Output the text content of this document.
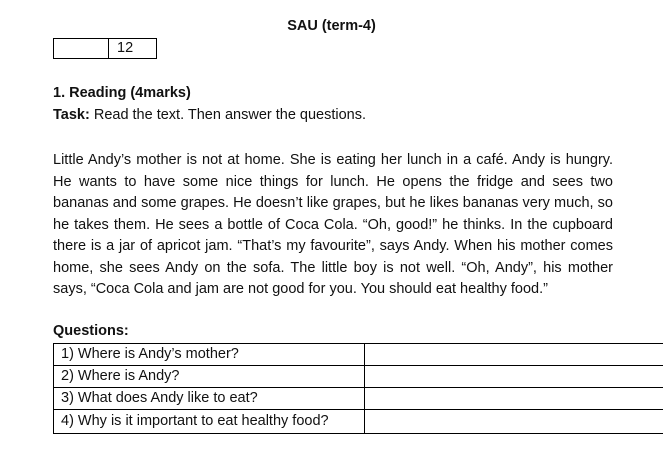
SAU (term-4)
12
1. Reading (4marks)
Task: Read the text. Then answer the questions.

Little Andy’s mother is not at home. She is eating her lunch in a café. Andy is hungry. He wants to have some nice things for lunch. He opens the fridge and sees two bananas and some grapes. He doesn’t like grapes, but he likes bananas very much, so he takes them. He sees a bottle of Coca Cola. “Oh, good!” he thinks. In the cupboard there is a jar of apricot jam. “That’s my favourite”, says Andy. When his mother comes home, she sees Andy on the sofa. The little boy is not well. “Oh, Andy”, his mother says, “Coca Cola and jam are not good for you. You should eat healthy food.”

Questions:
1) Where is Andy’s mother?	
2) Where is Andy?	
3) What does Andy like to eat?	
4) Why is it important to eat healthy food?	
